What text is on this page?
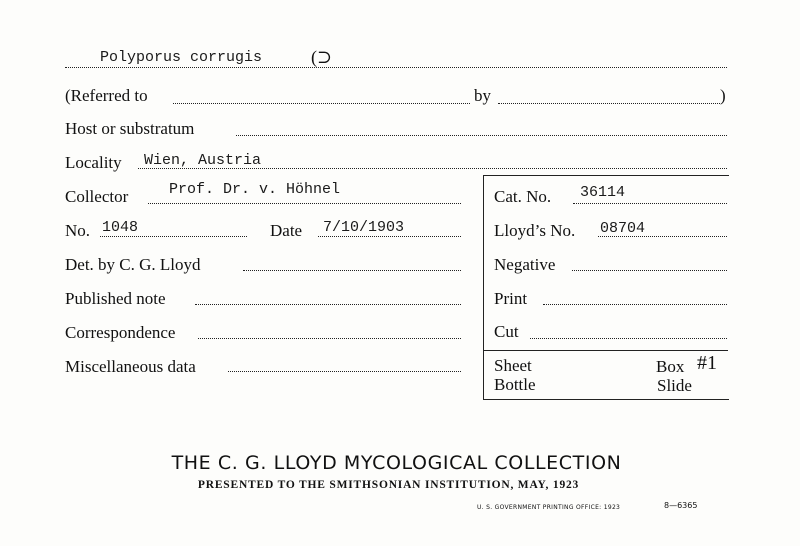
Polyporus corrugis	(⊃
(Referred to	by	)
Host or substratum
Locality Wien, Austria
Collector	Prof. Dr. v. Höhnel	Cat. No. 36114
No. 1048	Date 7/10/1903	Lloyd’s No. 08704
Det. by C. G. Lloyd	Negative
Published note	Print
Correspondence	Cut
Miscellaneous data	Sheet	Box #1
Bottle	Slide
THE C. G. LLOYD MYCOLOGICAL COLLECTION
PRESENTED TO THE SMITHSONIAN INSTITUTION, MAY, 1923
U. S. GOVERNMENT PRINTING OFFICE: 1923	8—6365
